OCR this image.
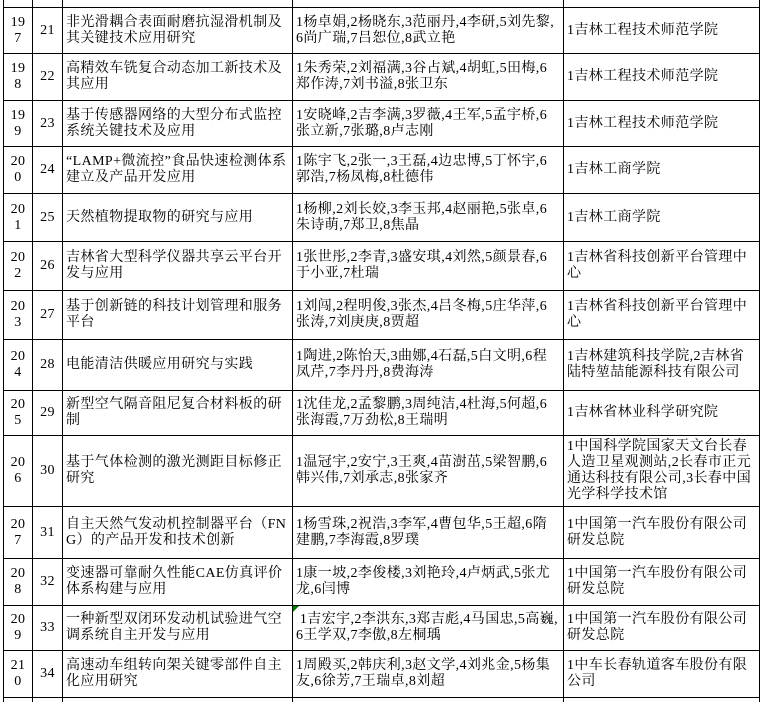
197	21	非光滑耦合表面耐磨抗湿滑机制及其关键技术应用研究	1杨卓娟,2杨晓东,3范丽丹,4李研,5刘先黎,6尚广瑞,7吕恕位,8武立艳	1吉林工程技术师范学院
198	22	高精效车铣复合动态加工新技术及其应用	1朱秀荣,2刘福满,3谷占斌,4胡虹,5田梅,6郑作涛,7刘书溢,8张卫东	1吉林工程技术师范学院
199	23	基于传感器网络的大型分布式监控系统关键技术及应用	1安晓峰,2吉李满,3罗薇,4王军,5孟宇桥,6张立新,7张璐,8卢志刚	1吉林工程技术师范学院
200	24	“LAMP+微流控”食品快速检测体系建立及产品开发应用	1陈宇飞,2张一,3王磊,4边忠博,5丁怀宇,6郭浩,7杨凤梅,8杜德伟	1吉林工商学院
201	25	天然植物提取物的研究与应用	1杨柳,2刘长姣,3李玉邦,4赵丽艳,5张卓,6朱诗萌,7郑卫,8焦晶	1吉林工商学院
202	26	吉林省大型科学仪器共享云平台开发与应用	1张世彤,2李青,3盛安琪,4刘然,5颜景春,6于小亚,7杜瑞	1吉林省科技创新平台管理中心
203	27	基于创新链的科技计划管理和服务平台	1刘闯,2程明俊,3张杰,4吕冬梅,5庄华萍,6张涛,7刘庚庚,8贾超	1吉林省科技创新平台管理中心
204	28	电能清洁供暖应用研究与实践	1陶进,2陈怡天,3曲娜,4石磊,5白文明,6程凤芹,7李丹丹,8费海涛	1吉林建筑科技学院,2吉林省陆特堃喆能源科技有限公司
205	29	新型空气隔音阻尼复合材料板的研制	1沈佳龙,2孟黎鹏,3周纯洁,4杜海,5何超,6张海霞,7万劲松,8王瑞明	1吉林省林业科学研究院
206	30	基于气体检测的激光测距目标修正研究	1温冠宇,2安宁,3王爽,4苗澍茁,5梁智鹏,6韩兴伟,7刘承志,8张家齐	1中国科学院国家天文台长春人造卫星观测站,2长春市正元通达科技有限公司,3长春中国光学科学技术馆
207	31	自主天然气发动机控制器平台（FNG）的产品开发和技术创新	1杨雪珠,2祝浩,3李军,4曹包华,5王超,6隋建鹏,7李海霞,8罗璞	1中国第一汽车股份有限公司研发总院
208	32	变速器可靠耐久性能CAE仿真评价体系构建与应用	1康一坡,2李俊楼,3刘艳玲,4卢炳武,5张尤龙,6闫博	1中国第一汽车股份有限公司研发总院
209	33	一种新型双闭环发动机试验进气空调系统自主开发与应用	1吉宏宇,2李洪东,3郑吉彪,4马国忠,5高巍,6王学双,7李傲,8左桐瑀	1中国第一汽车股份有限公司研发总院
210	34	高速动车组转向架关键零部件自主化应用研究	1周殿买,2韩庆利,3赵文学,4刘兆金,5杨集友,6徐芳,7王瑞卓,8刘超	1中车长春轨道客车股份有限公司
